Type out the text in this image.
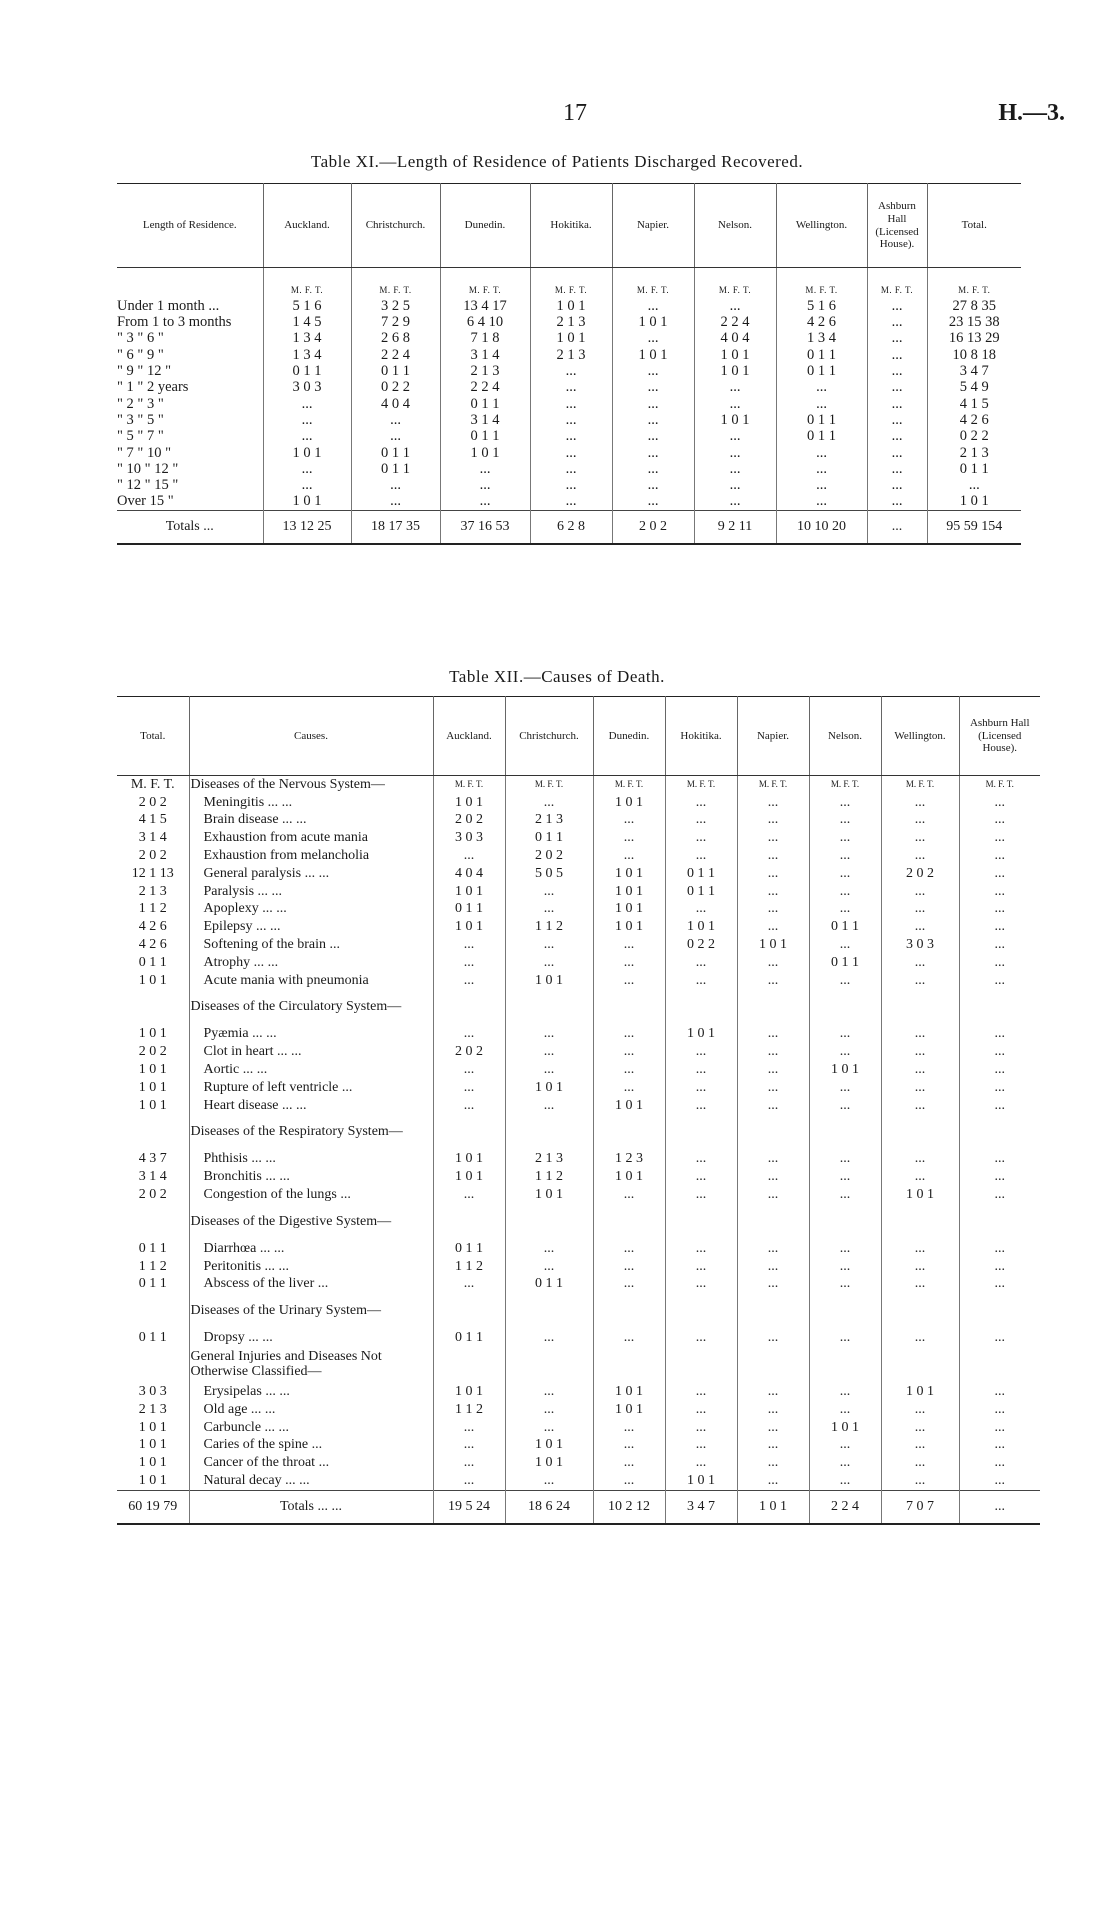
17	H.—3.
Table XI.—Length of Residence of Patients Discharged Recovered.
Length of Residence.	Auckland.	Christchurch.	Dunedin.	Hokitika.	Napier.	Nelson.	Wellington.	Ashburn Hall (Licensed House).	Total.
	M. F. T.	M. F. T.	M. F. T.	M. F. T.	M. F. T.	M. F. T.	M. F. T.	M. F. T.	M. F. T.
Under 1 month ...	5 1 6	3 2 5	13 4 17	1 0 1	...	...	5 1 6	...	27 8 35
From 1 to 3 months	1 4 5	7 2 9	6 4 10	2 1 3	1 0 1	2 2 4	4 2 6	...	23 15 38
" 3 " 6 "	1 3 4	2 6 8	7 1 8	1 0 1	...	4 0 4	1 3 4	...	16 13 29
" 6 " 9 "	1 3 4	2 2 4	3 1 4	2 1 3	1 0 1	1 0 1	0 1 1	...	10 8 18
" 9 " 12 "	0 1 1	0 1 1	2 1 3	...	...	1 0 1	0 1 1	...	3 4 7
" 1 " 2 years	3 0 3	0 2 2	2 2 4	...	...	...	...	...	5 4 9
" 2 " 3 "	...	4 0 4	0 1 1	...	...	...	...	...	4 1 5
" 3 " 5 "	...	...	3 1 4	...	...	1 0 1	0 1 1	...	4 2 6
" 5 " 7 "	...	...	0 1 1	...	...	...	0 1 1	...	0 2 2
" 7 " 10 "	1 0 1	0 1 1	1 0 1	...	...	...	...	...	2 1 3
" 10 " 12 "	...	0 1 1	...	...	...	...	...	...	0 1 1
" 12 " 15 "	...	...	...	...	...	...	...	...	...
Over 15 "	1 0 1	...	...	...	...	...	...	...	1 0 1
Totals ...	13 12 25	18 17 35	37 16 53	6 2 8	2 0 2	9 2 11	10 10 20	...	95 59 154
Table XII.—Causes of Death.
Total.	Causes.	Auckland.	Christchurch.	Dunedin.	Hokitika.	Napier.	Nelson.	Wellington.	Ashburn Hall (Licensed House).
M. F. T.	Diseases of the Nervous System—	M. F. T.	M. F. T.	M. F. T.	M. F. T.	M. F. T.	M. F. T.	M. F. T.	M. F. T.
2 0 2	Meningitis ... ...	1 0 1	...	1 0 1	...	...	...	...	...
4 1 5	Brain disease ... ...	2 0 2	2 1 3	...	...	...	...	...	...
3 1 4	Exhaustion from acute mania	3 0 3	0 1 1	...	...	...	...	...	...
2 0 2	Exhaustion from melancholia	...	2 0 2	...	...	...	...	...	...
12 1 13	General paralysis ... ...	4 0 4	5 0 5	1 0 1	0 1 1	...	...	2 0 2	...
2 1 3	Paralysis ... ...	1 0 1	...	1 0 1	0 1 1	...	...	...	...
1 1 2	Apoplexy ... ...	0 1 1	...	1 0 1	...	...	...	...	...
4 2 6	Epilepsy ... ...	1 0 1	1 1 2	1 0 1	1 0 1	...	0 1 1	...	...
4 2 6	Softening of the brain ...	...	...	...	0 2 2	1 0 1	...	3 0 3	...
0 1 1	Atrophy ... ...	...	...	...	...	...	0 1 1	...	...
1 0 1	Acute mania with pneumonia	...	1 0 1	...	...	...	...	...	...
	Diseases of the Circulatory System—								
1 0 1	Pyæmia ... ...	...	...	...	1 0 1	...	...	...	...
2 0 2	Clot in heart ... ...	2 0 2	...	...	...	...	...	...	...
1 0 1	Aortic ... ...	...	...	...	...	...	1 0 1	...	...
1 0 1	Rupture of left ventricle ...	...	1 0 1	...	...	...	...	...	...
1 0 1	Heart disease ... ...	...	...	1 0 1	...	...	...	...	...
	Diseases of the Respiratory System—								
4 3 7	Phthisis ... ...	1 0 1	2 1 3	1 2 3	...	...	...	...	...
3 1 4	Bronchitis ... ...	1 0 1	1 1 2	1 0 1	...	...	...	...	...
2 0 2	Congestion of the lungs ...	...	1 0 1	...	...	...	...	1 0 1	...
	Diseases of the Digestive System—								
0 1 1	Diarrhœa ... ...	0 1 1	...	...	...	...	...	...	...
1 1 2	Peritonitis ... ...	1 1 2	...	...	...	...	...	...	...
0 1 1	Abscess of the liver ...	...	0 1 1	...	...	...	...	...	...
	Diseases of the Urinary System—								
0 1 1	Dropsy ... ...	0 1 1	...	...	...	...	...	...	...
	General Injuries and Diseases Not Otherwise Classified—								
3 0 3	Erysipelas ... ...	1 0 1	...	1 0 1	...	...	...	1 0 1	...
2 1 3	Old age ... ...	1 1 2	...	1 0 1	...	...	...	...	...
1 0 1	Carbuncle ... ...	...	...	...	...	...	1 0 1	...	...
1 0 1	Caries of the spine ...	...	1 0 1	...	...	...	...	...	...
1 0 1	Cancer of the throat ...	...	1 0 1	...	...	...	...	...	...
1 0 1	Natural decay ... ...	...	...	...	1 0 1	...	...	...	...
60 19 79	Totals ... ...	19 5 24	18 6 24	10 2 12	3 4 7	1 0 1	2 2 4	7 0 7	...
